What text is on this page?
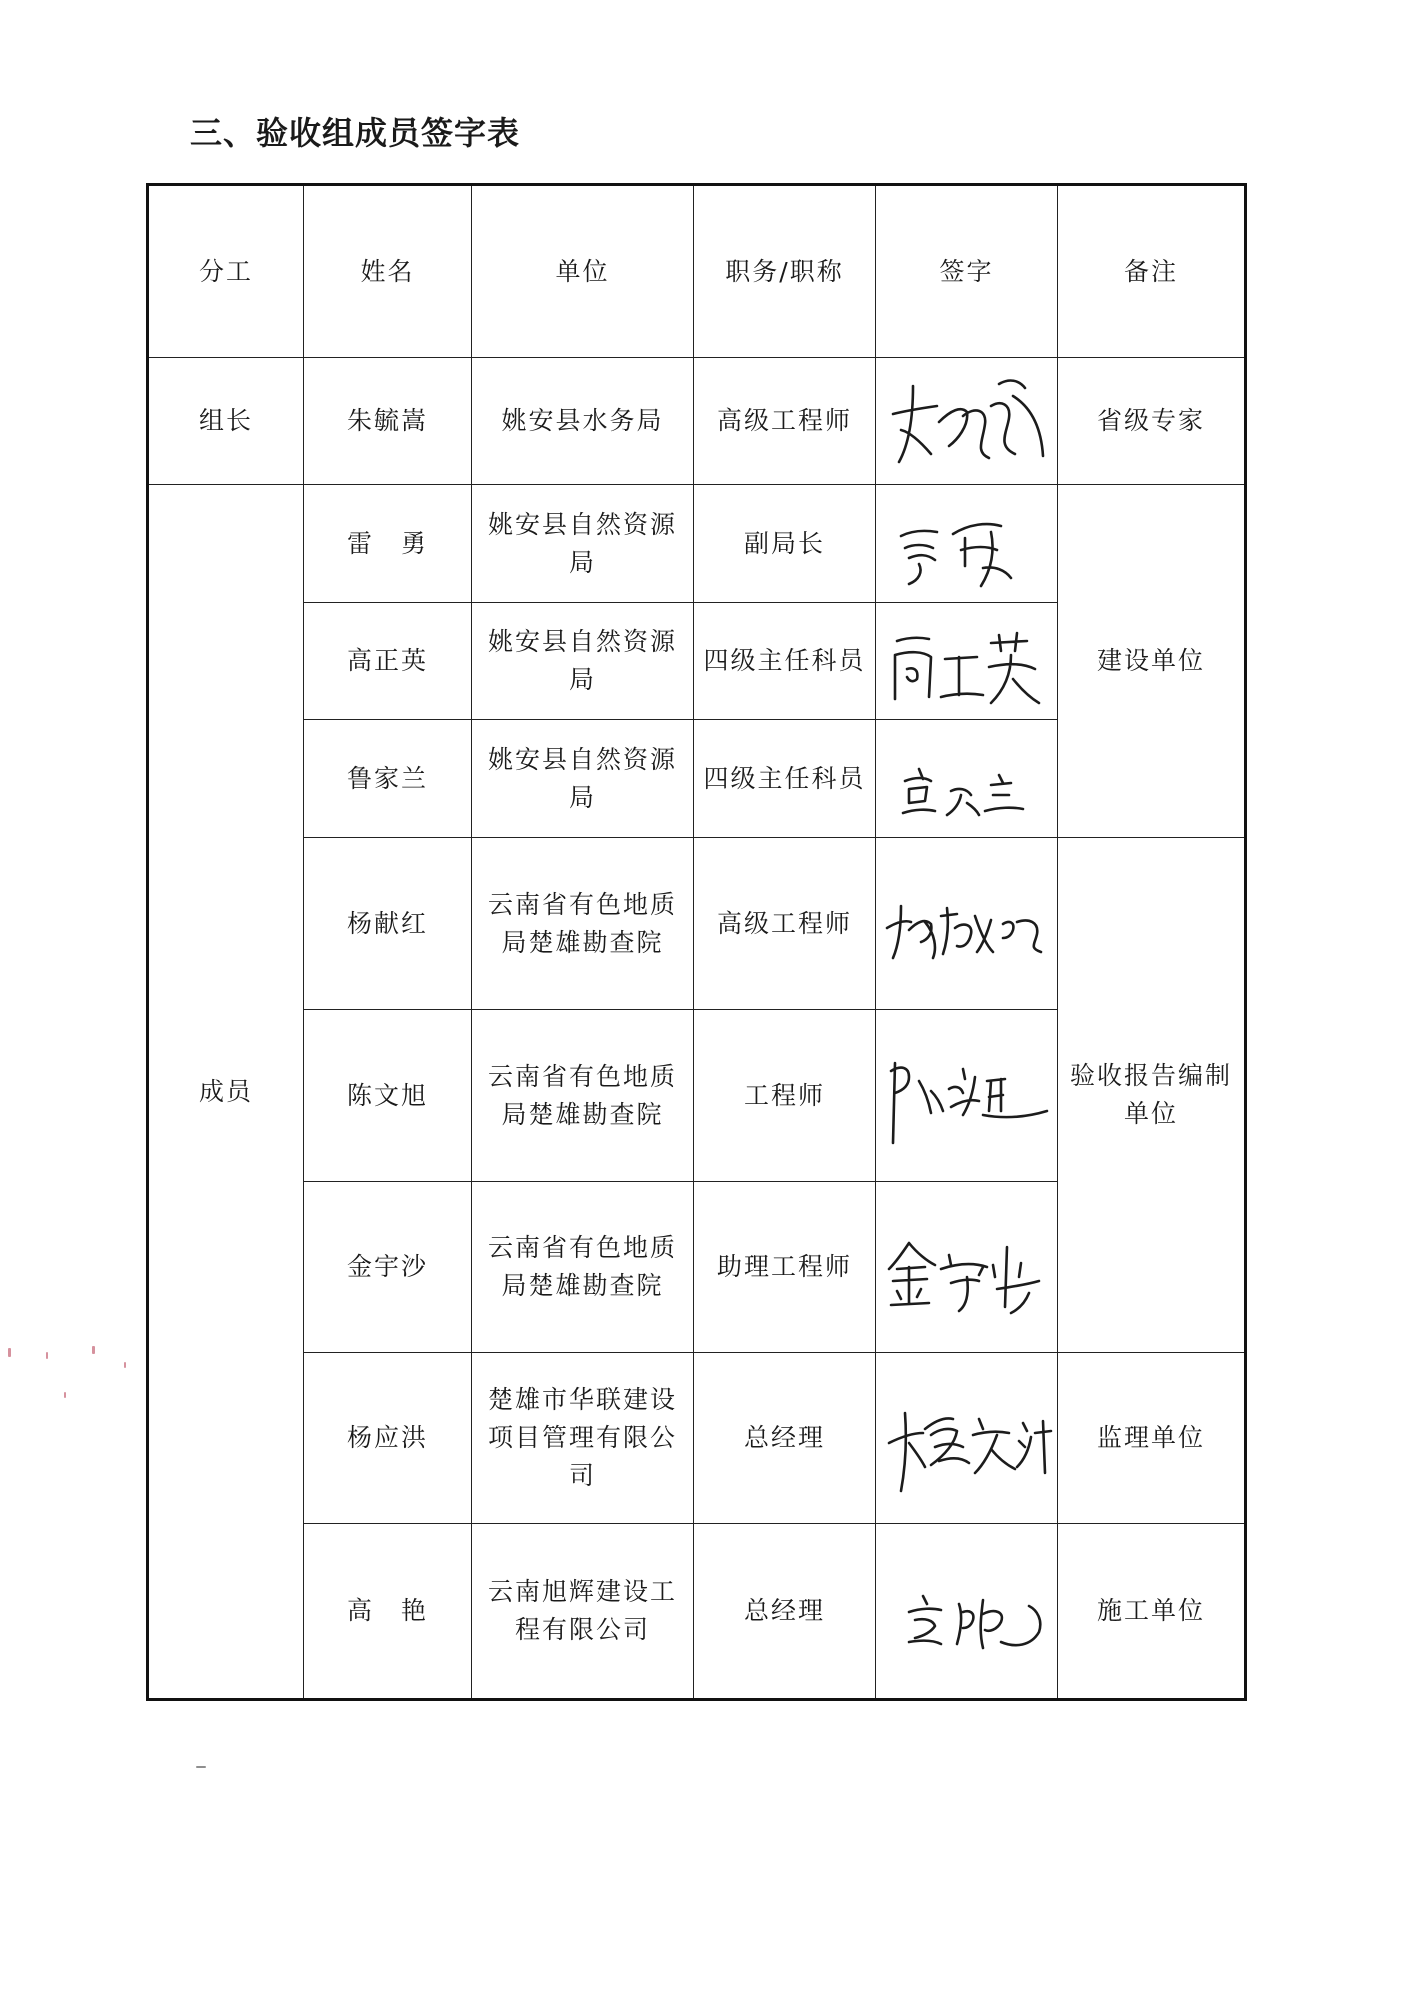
三、验收组成员签字表
分工	姓名	单位	职务/职称	签字	备注
组长	朱毓嵩	姚安县水务局	高级工程师		省级专家
成员	雷　勇	姚安县自然资源局	副局长		建设单位
	高正英	姚安县自然资源局	四级主任科员	

	鲁家兰	姚安县自然资源局	四级主任科员	

	杨献红	云南省有色地质局楚雄勘查院	高级工程师		验收报告编制单位
	陈文旭	云南省有色地质局楚雄勘查院	工程师	

	金宇沙	云南省有色地质局楚雄勘查院	助理工程师	

	杨应洪	楚雄市华联建设项目管理有限公司	总经理		监理单位
	高　艳	云南旭辉建设工程有限公司	总经理		施工单位
